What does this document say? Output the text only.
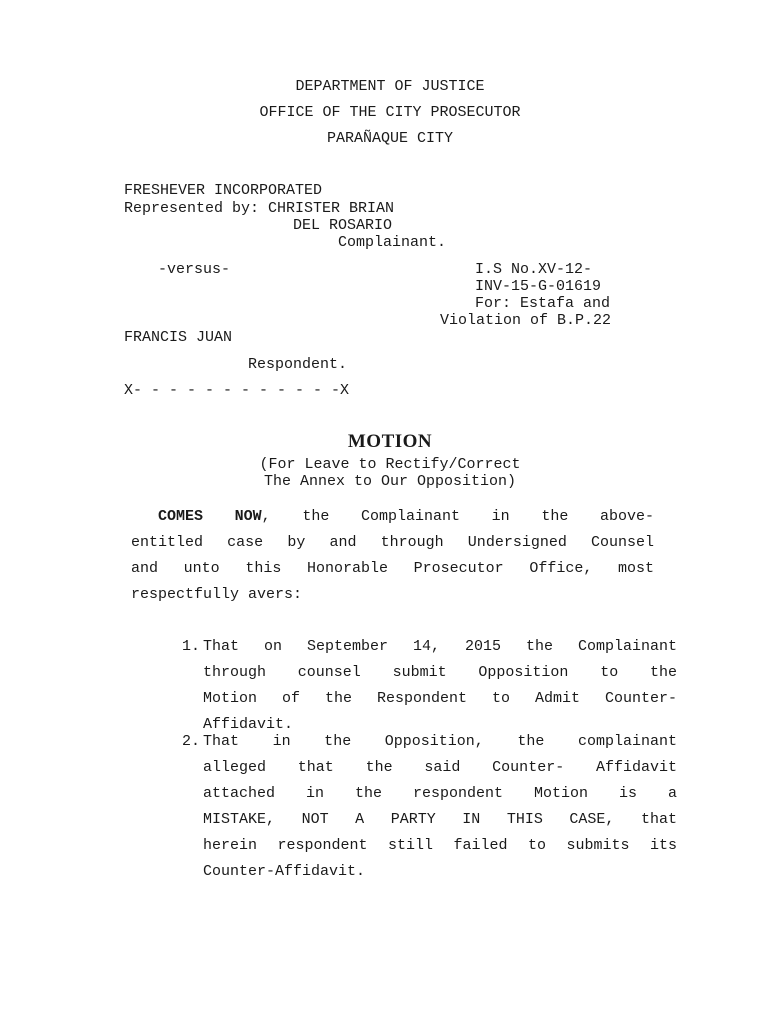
DEPARTMENT OF JUSTICE
OFFICE OF THE CITY PROSECUTOR
PARAÑAQUE CITY
FRESHEVER INCORPORATED
Represented by: CHRISTER BRIAN
DEL ROSARIO
Complainant.
-versus-	I.S No.XV-12-
INV-15-G-01619
For: Estafa and
Violation of B.P.22
FRANCIS JUAN
Respondent.
X- - - - - - - - - - - -X
MOTION
(For Leave to Rectify/Correct
The Annex to Our Opposition)
COMES NOW, the Complainant in the above-
entitled case by and through Undersigned Counsel
and unto this Honorable Prosecutor Office, most
respectfully avers:
1. That on September 14, 2015 the Complainant
through counsel submit Opposition to the
Motion of the Respondent to Admit Counter-
Affidavit.
2. That in the Opposition, the complainant
alleged that the said Counter- Affidavit
attached in the respondent Motion is a
MISTAKE, NOT A PARTY IN THIS CASE, that
herein respondent still failed to submits its
Counter-Affidavit.
